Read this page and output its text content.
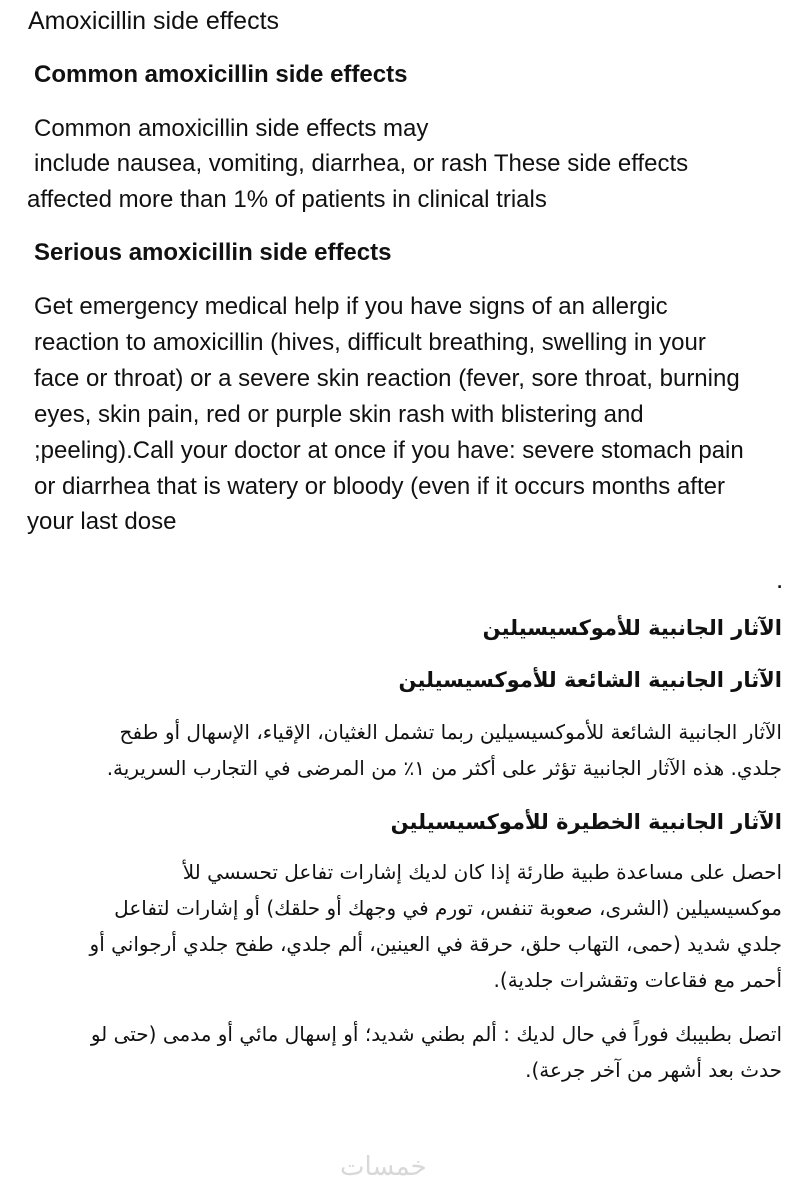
Amoxicillin side effects
Common amoxicillin side effects
Common amoxicillin side effects may
include nausea, vomiting, diarrhea, or rash These side effects
affected more than 1% of patients in clinical trials
Serious amoxicillin side effects
Get emergency medical help if you have signs of an allergic
reaction to amoxicillin (hives, difficult breathing, swelling in your
face or throat) or a severe skin reaction (fever, sore throat, burning
eyes, skin pain, red or purple skin rash with blistering and
;peeling).Call your doctor at once if you have: severe stomach pain
or diarrhea that is watery or bloody (even if it occurs months after
your last dose
.
الآثار الجانبية للأموكسيسيلين
الآثار الجانبية الشائعة للأموكسيسيلين
الآثار الجانبية الشائعة للأموكسيسيلين ربما تشمل الغثيان، الإقياء، الإسهال أو طفح
جلدي. هذه الآثار الجانبية تؤثر على أكثر من ١٪ من المرضى في التجارب السريرية.
الآثار الجانبية الخطيرة للأموكسيسيلين
احصل على مساعدة طبية طارئة إذا كان لديك إشارات تفاعل تحسسي للأ
موكسيسيلين (الشرى، صعوبة تنفس، تورم في وجهك أو حلقك) أو إشارات لتفاعل
جلدي شديد (حمى، التهاب حلق، حرقة في العينين، ألم جلدي، طفح جلدي أرجواني أو
أحمر مع فقاعات وتقشرات جلدية).
اتصل بطبيبك فوراً في حال لديك : ألم بطني شديد؛ أو إسهال مائي أو مدمى (حتى لو
حدث بعد أشهر من آخر جرعة).
خمسات
